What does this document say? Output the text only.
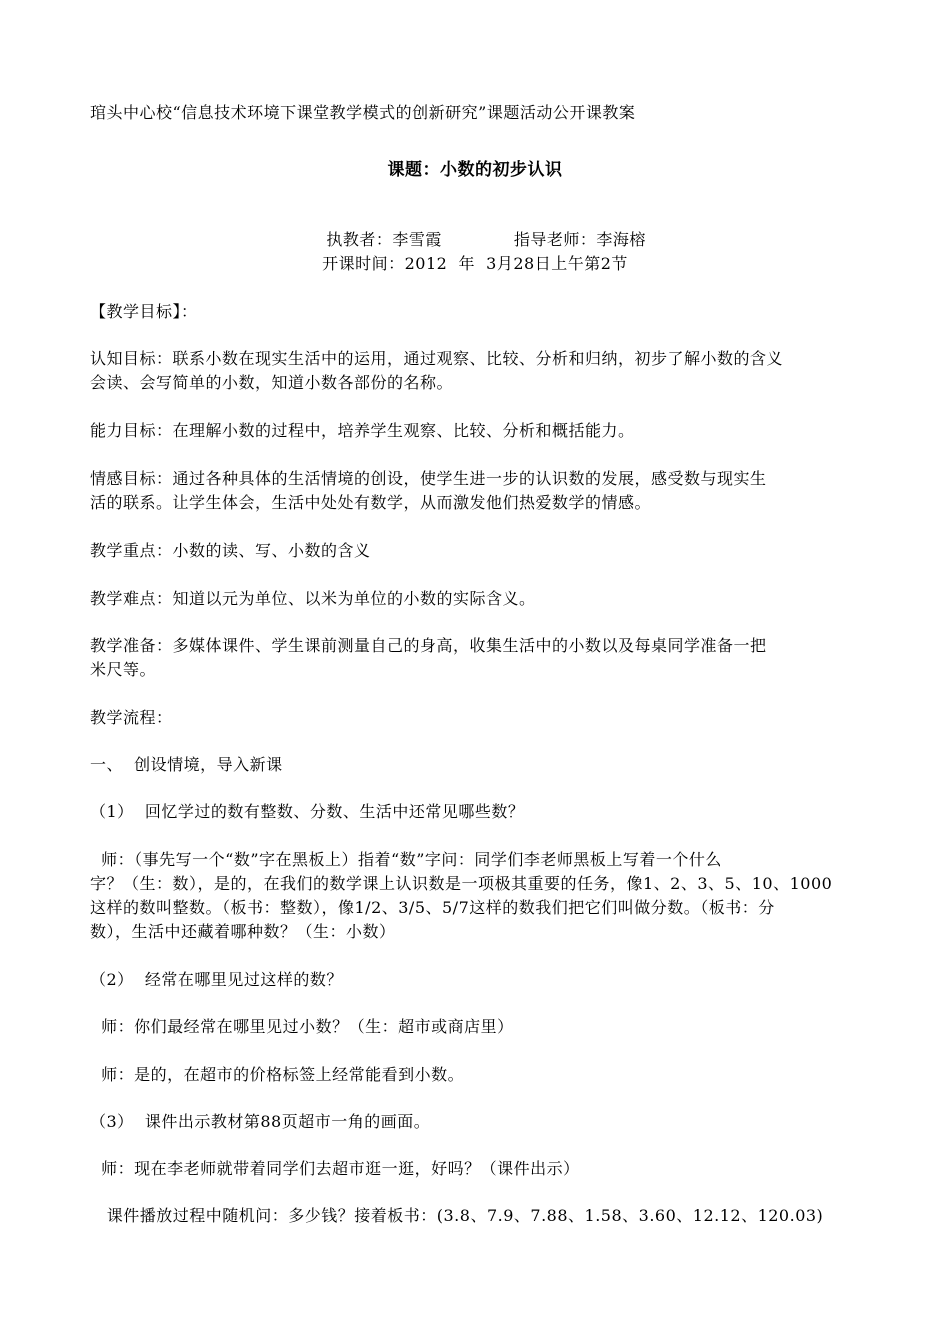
琯头中心校“信息技术环境下课堂教学模式的创新研究”课题活动公开课教案
课题：小数的初步认识

执教者：李雪霞	指导老师：李海榕

开课时间：2012  年  3月28日上午第2节
【教学目标】：
认知目标：联系小数在现实生活中的运用，通过观察、比较、分析和归纳，初步了解小数的含义
会读、会写简单的小数，知道小数各部份的名称。
能力目标：在理解小数的过程中，培养学生观察、比较、分析和概括能力。
情感目标：通过各种具体的生活情境的创设，使学生进一步的认识数的发展，感受数与现实生
活的联系。让学生体会，生活中处处有数学，从而激发他们热爱数学的情感。
教学重点：小数的读、写、小数的含义
教学难点：知道以元为单位、以米为单位的小数的实际含义。
教学准备：多媒体课件、学生课前测量自己的身高，收集生活中的小数以及每桌同学准备一把
米尺等。
教学流程：
一、  创设情境，导入新课
（1）  回忆学过的数有整数、分数、生活中还常见哪些数？
师：（事先写一个“数”字在黑板上）指着“数”字问：同学们李老师黑板上写着一个什么
字？（生：数），是的，在我们的数学课上认识数是一项极其重要的任务，像1、2、3、5、10、1000
这样的数叫整数。（板书：整数），像1/2、3/5、5/7这样的数我们把它们叫做分数。（板书：分
数），生活中还藏着哪种数？（生：小数）
（2）  经常在哪里见过这样的数？
师：你们最经常在哪里见过小数？（生：超市或商店里）
师：是的，在超市的价格标签上经常能看到小数。
（3）  课件出示教材第88页超市一角的画面。
师：现在李老师就带着同学们去超市逛一逛，好吗？（课件出示）
课件播放过程中随机问：多少钱？接着板书：(3.8、7.9、7.88、1.58、3.60、12.12、120.03)
